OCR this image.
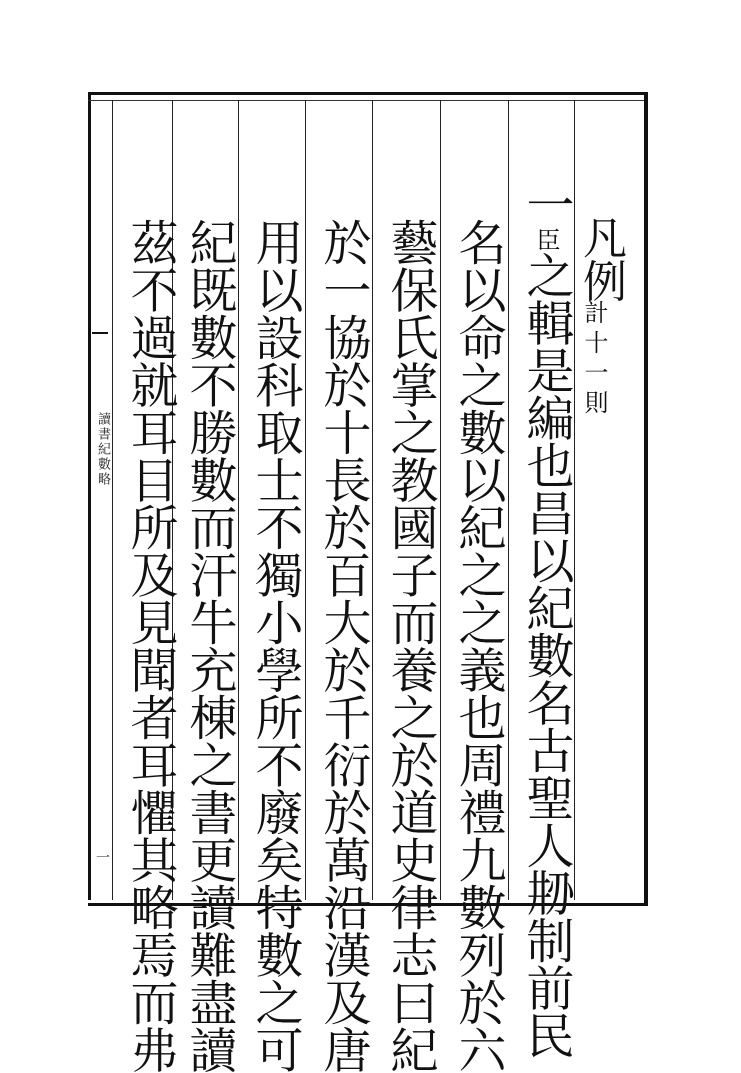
讀書紀數略
一
凡例
計十一則
一臣之輯是編也昌以紀數名古聖人刱制前民
名以命之數以紀之之義也周禮九數列於六
藝保氏掌之教國子而養之於道史律志曰紀
於一協於十長於百大於千衍於萬沿漢及唐
用以設科取士不獨小學所不廢矣特數之可
紀既數不勝數而汗牛充棟之書更讀難盡讀
茲不過就耳目所及見聞者耳懼其略焉而弗
